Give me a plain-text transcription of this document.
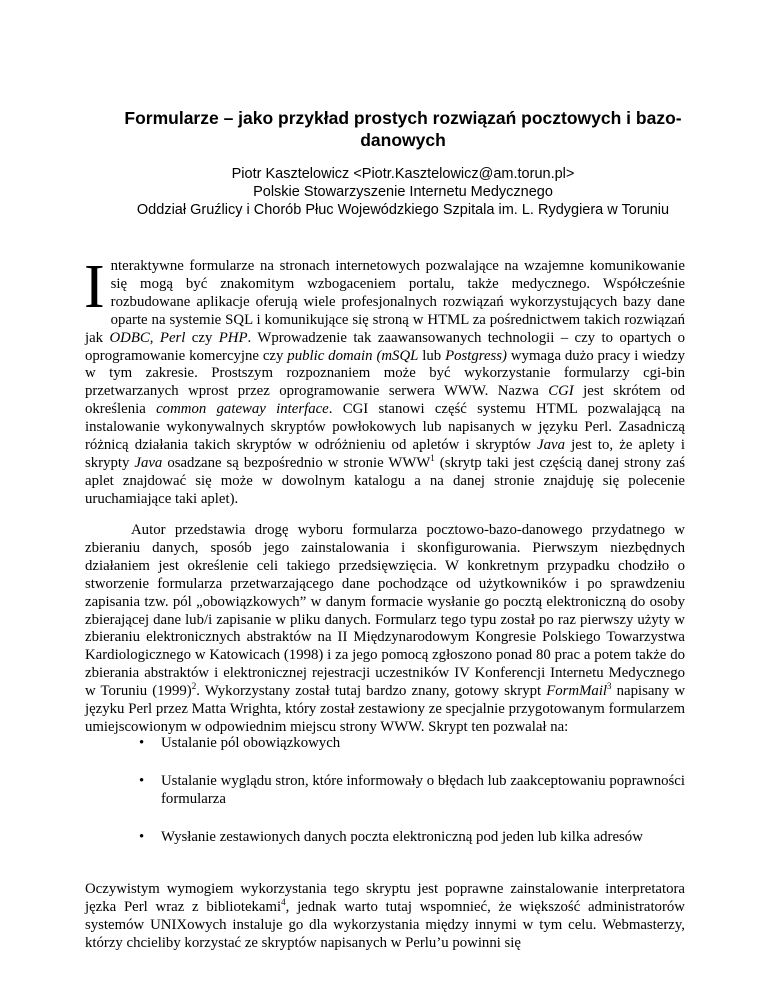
Formularze – jako przykład prostych rozwiązań pocztowych i bazo-danowych
Piotr Kasztelowicz <Piotr.Kasztelowicz@am.torun.pl>
Polskie Stowarzyszenie Internetu Medycznego
Oddział Gruźlicy i Chorób Płuc Wojewódzkiego Szpitala im. L. Rydygiera w Toruniu

Interaktywne formularze na stronach internetowych pozwalające na wzajemne komunikowanie się mogą być znakomitym wzbogaceniem portalu, także medycznego. Współcześnie rozbudowane aplikacje oferują wiele profesjonalnych rozwiązań wykorzystujących bazy dane oparte na systemie SQL i komunikujące się stroną w HTML za pośrednictwem takich rozwiązań jak ODBC, Perl czy PHP. Wprowadzenie tak zaawansowanych technologii – czy to opartych o oprogramowanie komercyjne czy public domain (mSQL lub Postgress) wymaga dużo pracy i wiedzy w tym zakresie. Prostszym rozpoznaniem może być wykorzystanie formularzy cgi-bin przetwarzanych wprost przez oprogramowanie serwera WWW. Nazwa CGI jest skrótem od określenia common gateway interface. CGI stanowi część systemu HTML pozwalającą na instalowanie wykonywalnych skryptów powłokowych lub napisanych w języku Perl. Zasadniczą różnicą działania takich skryptów w odróżnieniu od apletów i skryptów Java jest to, że aplety i skrypty Java osadzane są bezpośrednio w stronie WWW$^1$ (skrytp taki jest częścią danej strony zaś aplet znajdować się może w dowolnym katalogu a na danej stronie znajduję się polecenie uruchamiające taki aplet).

Autor przedstawia drogę wyboru formularza pocztowo-bazo-danowego przydatnego w zbieraniu danych, sposób jego zainstalowania i skonfigurowania. Pierwszym niezbędnych działaniem jest określenie celi takiego przedsięwzięcia. W konkretnym przypadku chodziło o stworzenie formularza przetwarzającego dane pochodzące od użytkowników i po sprawdzeniu zapisania tzw. pól „obowiązkowych” w danym formacie wysłanie go pocztą elektroniczną do osoby zbierającej dane lub/i zapisanie w pliku danych. Formularz tego typu został po raz pierwszy użyty w zbieraniu elektronicznych abstraktów na II Międzynarodowym Kongresie Polskiego Towarzystwa Kardiologicznego w Katowicach (1998) i za jego pomocą zgłoszono ponad 80 prac a potem także do zbierania abstraktów i elektronicznej rejestracji uczestników IV Konferencji Internetu Medycznego w Toruniu $(1999)^2$. Wykorzystany został tutaj bardzo znany, gotowy skrypt FormMail$^3$ napisany w języku Perl przez Matta Wrighta, który został zestawiony ze specjalnie przygotowanym formularzem umiejscowionym w odpowiednim miejscu strony WWW. Skrypt ten pozwalał na:

• Ustalanie pól obowiązkowych
• Ustalanie wyglądu stron, które informowały o błędach lub zaakceptowaniu poprawności formularza
• Wysłanie zestawionych danych poczta elektroniczną pod jeden lub kilka adresów

Oczywistym wymogiem wykorzystania tego skryptu jest poprawne zainstalowanie interpretatora jęzka Perl wraz z bibliotekami$^4$, jednak warto tutaj wspomnieć, że większość administratorów systemów UNIXowych instaluje go dla wykorzystania między innymi w tym celu. Webmasterzy, którzy chcieliby korzystać ze skryptów napisanych w Perlu’u powinni się
